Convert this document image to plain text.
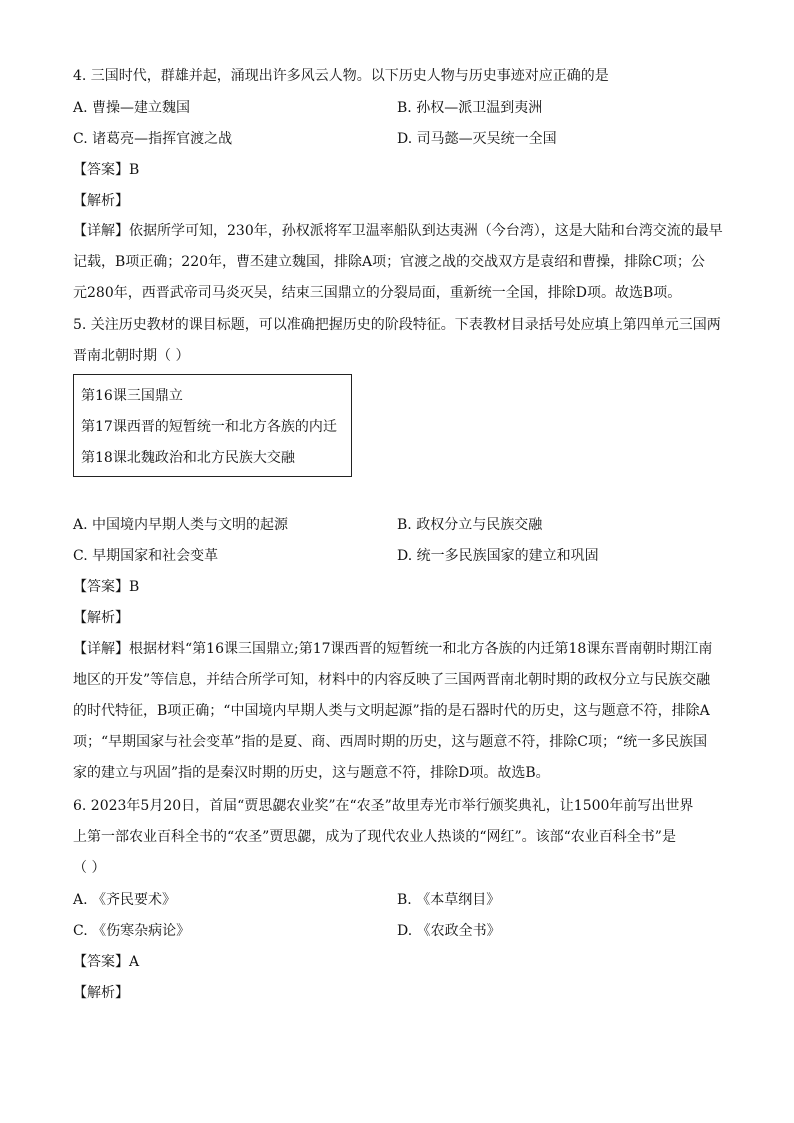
4. 三国时代，群雄并起，涌现出许多风云人物。以下历史人物与历史事迹对应正确的是
A. 曹操—建立魏国	B. 孙权—派卫温到夷洲
C. 诸葛亮—指挥官渡之战	D. 司马懿—灭吴统一全国
【答案】B
【解析】
【详解】依据所学可知，230年，孙权派将军卫温率船队到达夷洲（今台湾），这是大陆和台湾交流的最早
记载，B项正确；220年，曹丕建立魏国，排除A项；官渡之战的交战双方是袁绍和曹操，排除C项；公
元280年，西晋武帝司马炎灭吴，结束三国鼎立的分裂局面，重新统一全国，排除D项。故选B项。
5. 关注历史教材的课目标题，可以准确把握历史的阶段特征。下表教材目录括号处应填上第四单元三国两
晋南北朝时期（ ）
第16课三国鼎立
第17课西晋的短暂统一和北方各族的内迁
第18课北魏政治和北方民族大交融
A. 中国境内早期人类与文明的起源	B. 政权分立与民族交融
C. 早期国家和社会变革	D. 统一多民族国家的建立和巩固
【答案】B
【解析】
【详解】根据材料“第16课三国鼎立;第17课西晋的短暂统一和北方各族的内迁第18课东晋南朝时期江南
地区的开发”等信息，并结合所学可知，材料中的内容反映了三国两晋南北朝时期的政权分立与民族交融
的时代特征，B项正确；“中国境内早期人类与文明起源”指的是石器时代的历史，这与题意不符，排除A
项；“早期国家与社会变革”指的是夏、商、西周时期的历史，这与题意不符，排除C项；“统一多民族国
家的建立与巩固”指的是秦汉时期的历史，这与题意不符，排除D项。故选B。
6. 2023年5月20日，首届“贾思勰农业奖”在“农圣”故里寿光市举行颁奖典礼，让1500年前写出世界
上第一部农业百科全书的“农圣”贾思勰，成为了现代农业人热谈的“网红”。该部“农业百科全书”是
（ ）
A. 《齐民要术》	B. 《本草纲目》
C. 《伤寒杂病论》	D. 《农政全书》
【答案】A
【解析】
